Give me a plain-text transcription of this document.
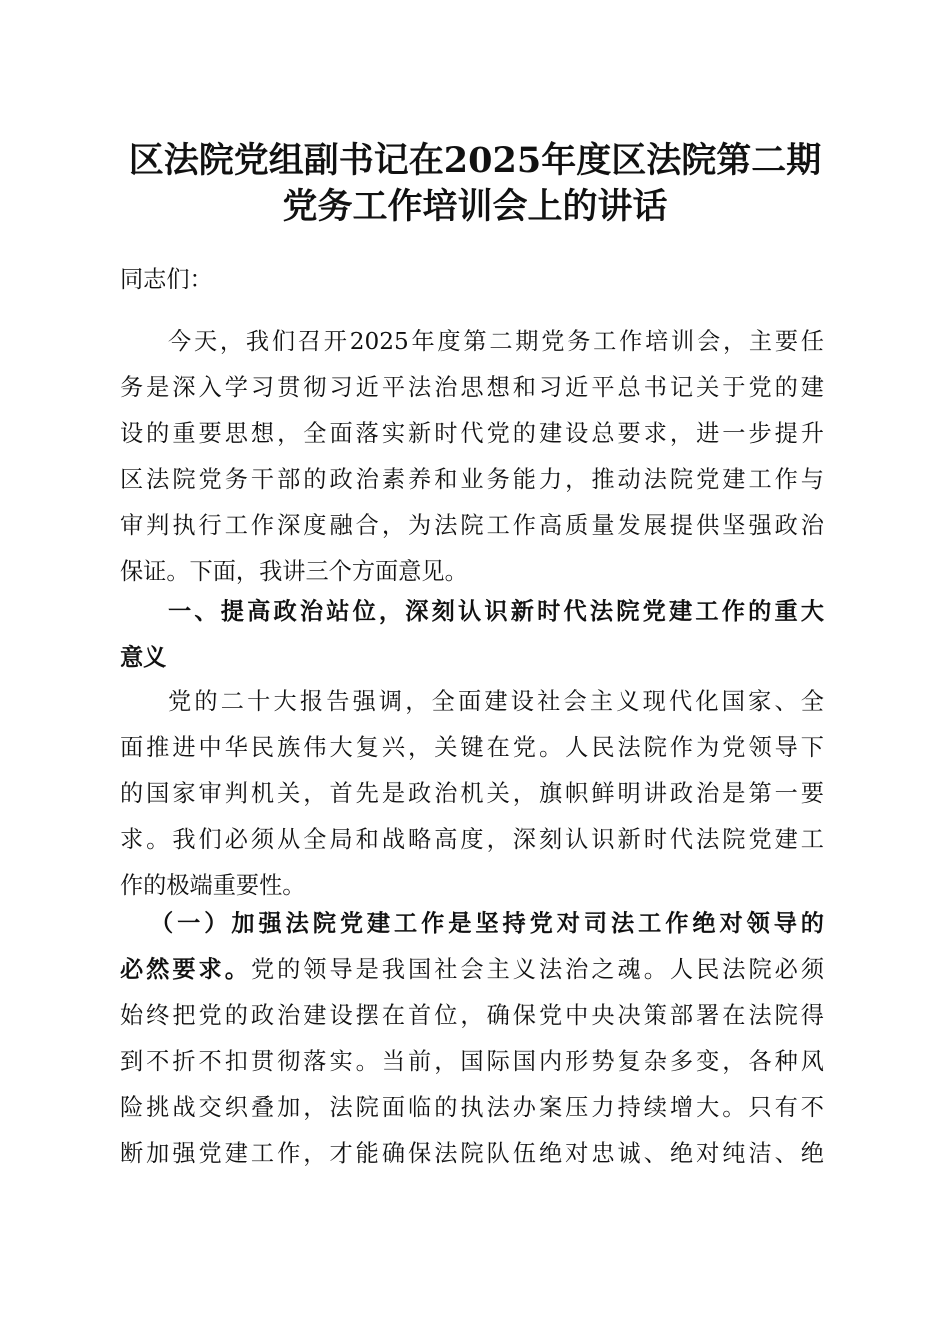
区法院党组副书记在2025年度区法院第二期
党务工作培训会上的讲话

同志们：

今天，我们召开2025年度第二期党务工作培训会，主要任

务是深入学习贯彻习近平法治思想和习近平总书记关于党的建

设的重要思想，全面落实新时代党的建设总要求，进一步提升

区法院党务干部的政治素养和业务能力，推动法院党建工作与

审判执行工作深度融合，为法院工作高质量发展提供坚强政治

保证。下面，我讲三个方面意见。

一、提高政治站位，深刻认识新时代法院党建工作的重大

意义

党的二十大报告强调，全面建设社会主义现代化国家、全

面推进中华民族伟大复兴，关键在党。人民法院作为党领导下

的国家审判机关，首先是政治机关，旗帜鲜明讲政治是第一要

求。我们必须从全局和战略高度，深刻认识新时代法院党建工

作的极端重要性。

（一）加强法院党建工作是坚持党对司法工作绝对领导的

必然要求。党的领导是我国社会主义法治之魂。人民法院必须

始终把党的政治建设摆在首位，确保党中央决策部署在法院得

到不折不扣贯彻落实。当前，国际国内形势复杂多变，各种风

险挑战交织叠加，法院面临的执法办案压力持续增大。只有不

断加强党建工作，才能确保法院队伍绝对忠诚、绝对纯洁、绝
